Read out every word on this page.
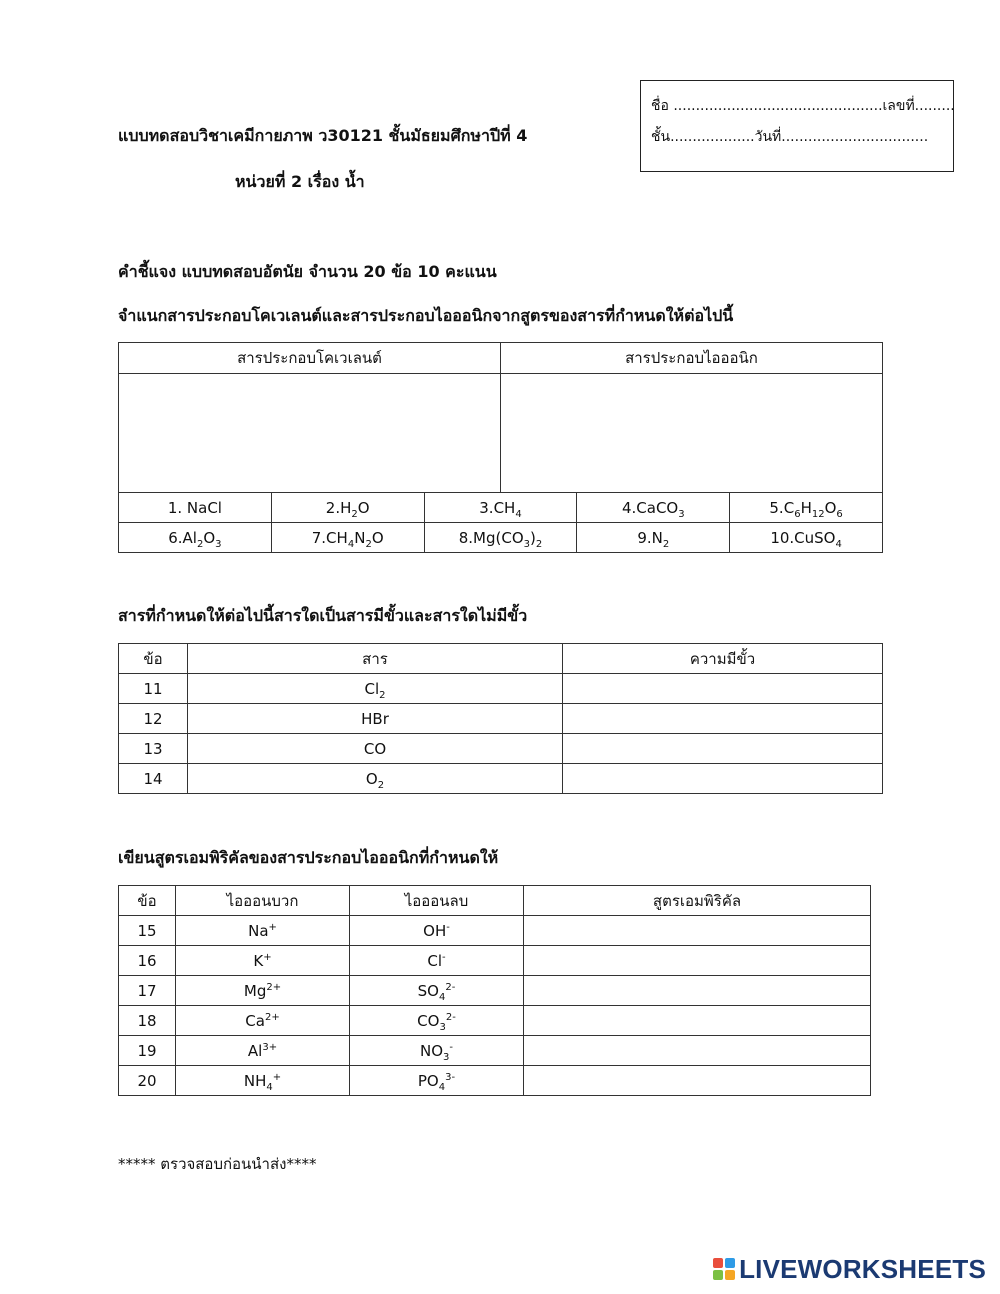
ชื่อ ...............................................เลขที่.........
ชั้น...................วันที่.................................
แบบทดสอบวิชาเคมีกายภาพ ว30121 ชั้นมัธยมศึกษาปีที่ 4
หน่วยที่ 2 เรื่อง น้ำ
คำชี้แจง แบบทดสอบอัตนัย จำนวน 20 ข้อ 10 คะแนน
จำแนกสารประกอบโคเวเลนต์และสารประกอบไอออนิกจากสูตรของสารที่กำหนดให้ต่อไปนี้
สารประกอบโคเวเลนต์	สารประกอบไอออนิก

1. NaCl	$2.H_2O$	$3.CH_4$	4.CaCO$_3$	$5.C_6H_{12}O_6$
$6.Al_2O_3$	$7.CH_4N_2O$	$8.Mg(CO_3)_2$	$9.N_2$	10.CuSO$_4$
สารที่กำหนดให้ต่อไปนี้สารใดเป็นสารมีขั้วและสารใดไม่มีขั้ว
ข้อ	สาร	ความมีขั้ว
11	$Cl_2$	
12	HBr	
13	CO	
14	$O_2$	
เขียนสูตรเอมพิริคัลของสารประกอบไอออนิกที่กำหนดให้
ข้อ	ไอออนบวก	ไอออนลบ	สูตรเอมพิริคัล
15	Na+	OH-	
16	K+	Cl-	
17	$Mg^{2+}$	$SO_4^{2-}$	
18	$Ca^{2+}$	$CO_3^{2-}$	
19	$Al^{3+}$	$NO_3^-$	
20	$NH_4^+$	$PO_4^{3-}$	
***** ตรวจสอบก่อนนำส่ง****
LIVEWORKSHEETS
